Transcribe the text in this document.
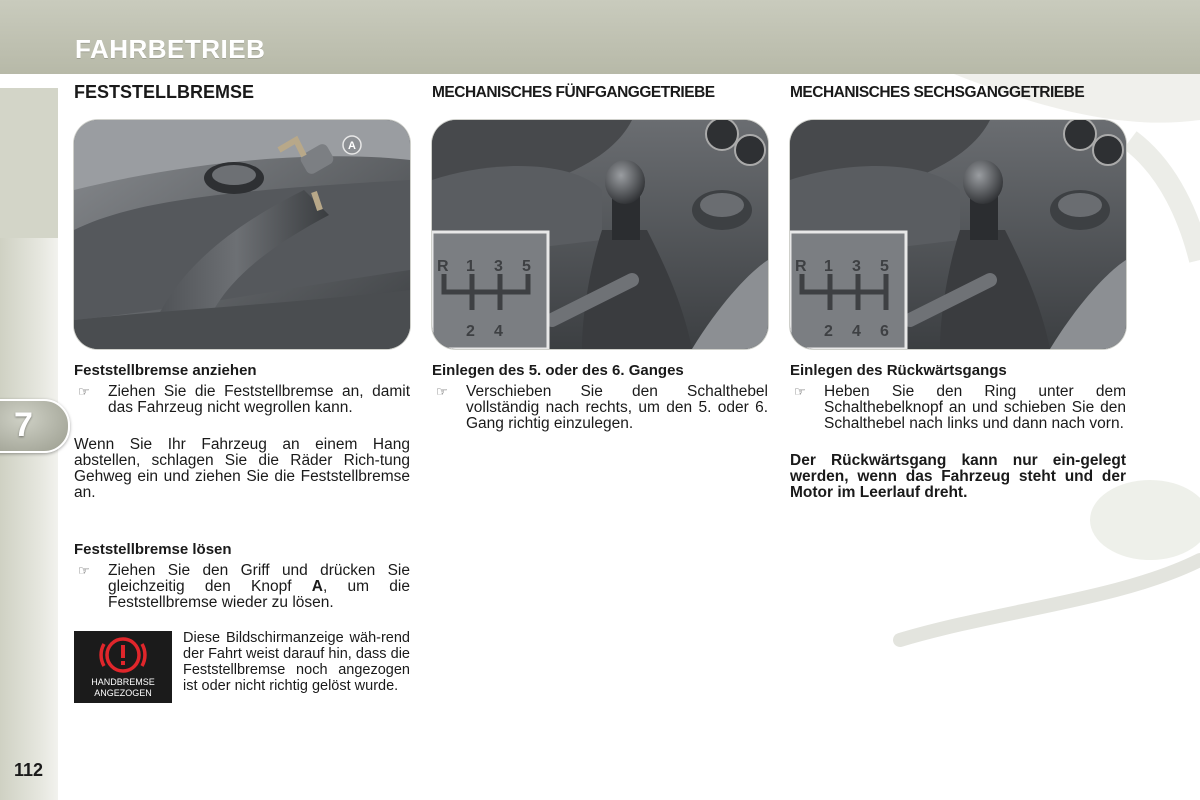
FAHRBETRIEB
7
112
FESTSTELLBREMSE
A
Feststellbremse anziehen
☞	Ziehen Sie die Feststellbremse an, damit das Fahrzeug nicht wegrollen kann.
Wenn Sie Ihr Fahrzeug an einem Hang abstellen, schlagen Sie die Räder Rich-tung Gehweg ein und ziehen Sie die Feststellbremse an.
Feststellbremse lösen
☞	Ziehen Sie den Griff und drücken Sie gleichzeitig den Knopf A, um die Feststellbremse wieder zu lösen.
HANDBREMSE
ANGEZOGEN
Diese Bildschirmanzeige wäh-rend der Fahrt weist darauf hin, dass die Feststellbremse noch angezogen ist oder nicht richtig gelöst wurde.
MECHANISCHES FÜNFGANGGETRIEBE
R 1 3 5
2 4
Einlegen des 5. oder des 6. Ganges
☞	Verschieben Sie den Schalthebel vollständig nach rechts, um den 5. oder 6. Gang richtig einzulegen.
MECHANISCHES SECHSGANGGETRIEBE
R 1 3 5
2 4 6
Einlegen des Rückwärtsgangs
☞	Heben Sie den Ring unter dem Schalthebelknopf an und schieben Sie den Schalthebel nach links und dann nach vorn.
Der Rückwärtsgang kann nur ein-gelegt werden, wenn das Fahrzeug steht und der Motor im Leerlauf dreht.
